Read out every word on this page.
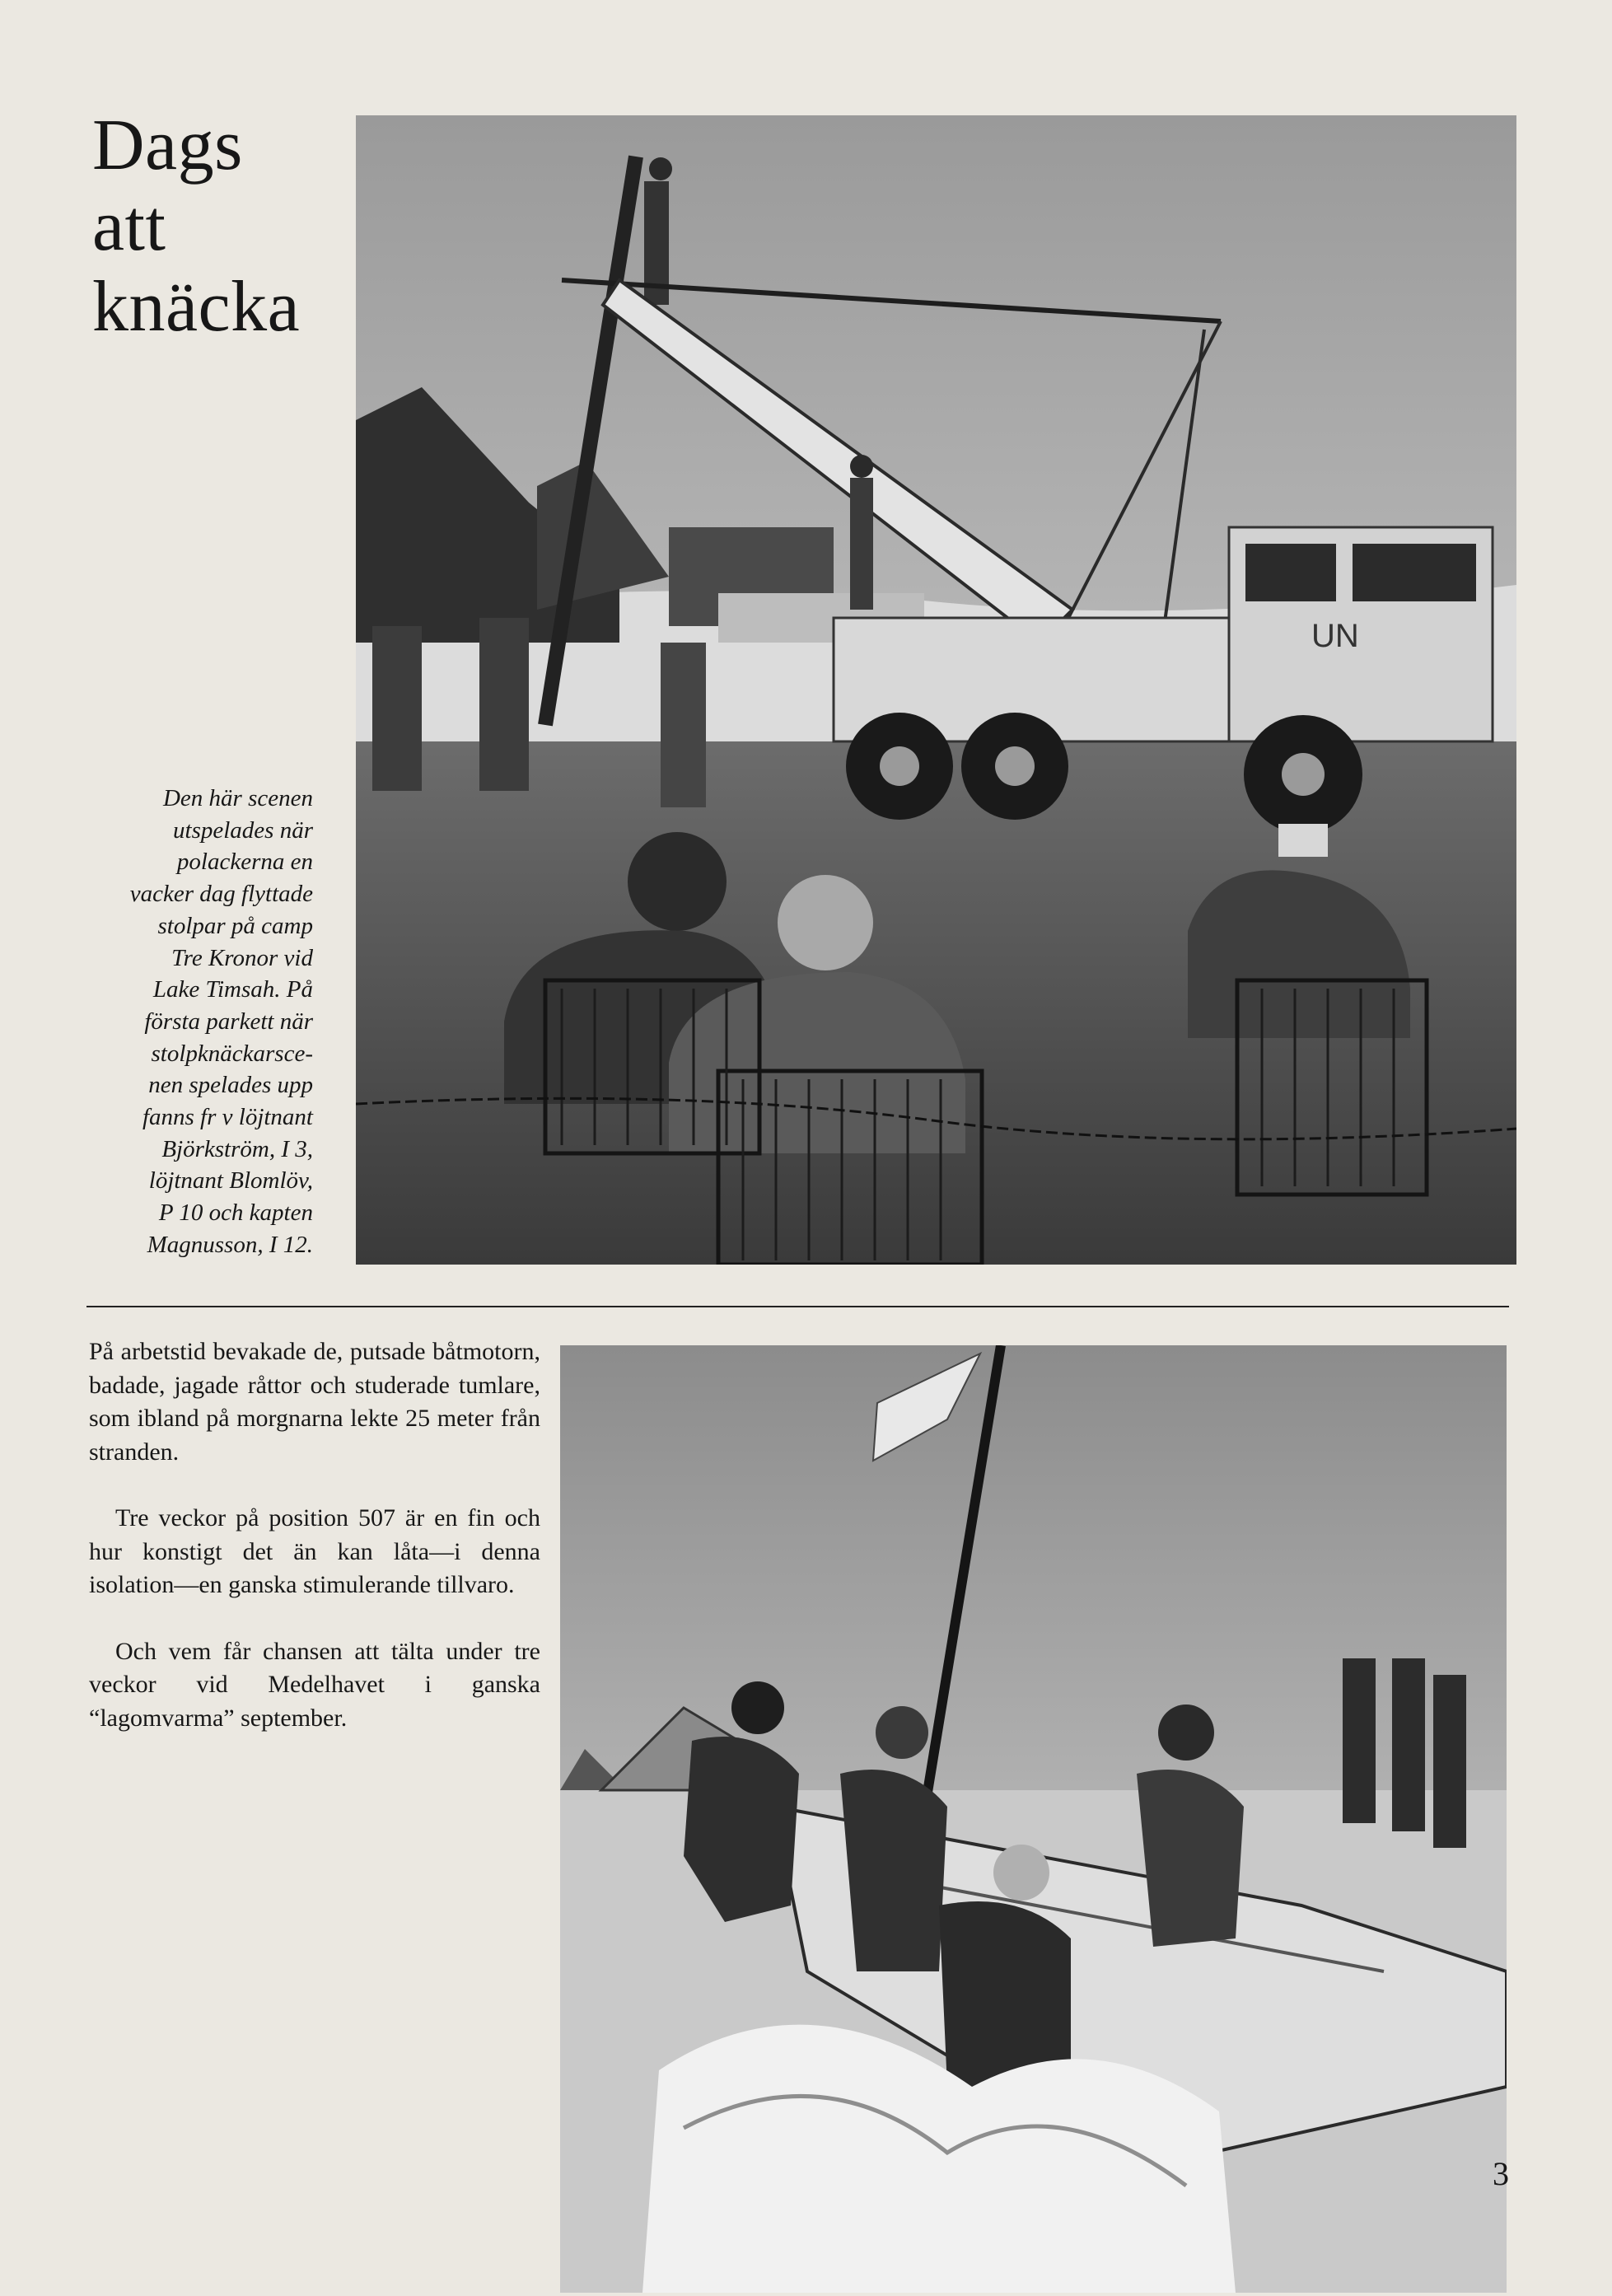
Dags
att
knäcka
UN
Den här scenen
utspelades när
polackerna en
vacker dag flyttade
stolpar på camp
Tre Kronor vid
Lake Timsah. På
första parkett när
stolpknäckarsce-
nen spelades upp
fanns fr v löjtnant
Björkström, I 3,
löjtnant Blomlöv,
P 10 och kapten
Magnusson, I 12.

På arbetstid bevakade de, putsade båtmotorn, badade, jagade råttor och studerade tumlare, som ibland på morgnarna lekte 25 meter från stranden.

Tre veckor på position 507 är en fin och hur konstigt det än kan låta—i denna isolation—en ganska stimulerande tillvaro.

Och vem får chansen att tälta under tre veckor vid Medelhavet i ganska “lagomvarma” september.

3
